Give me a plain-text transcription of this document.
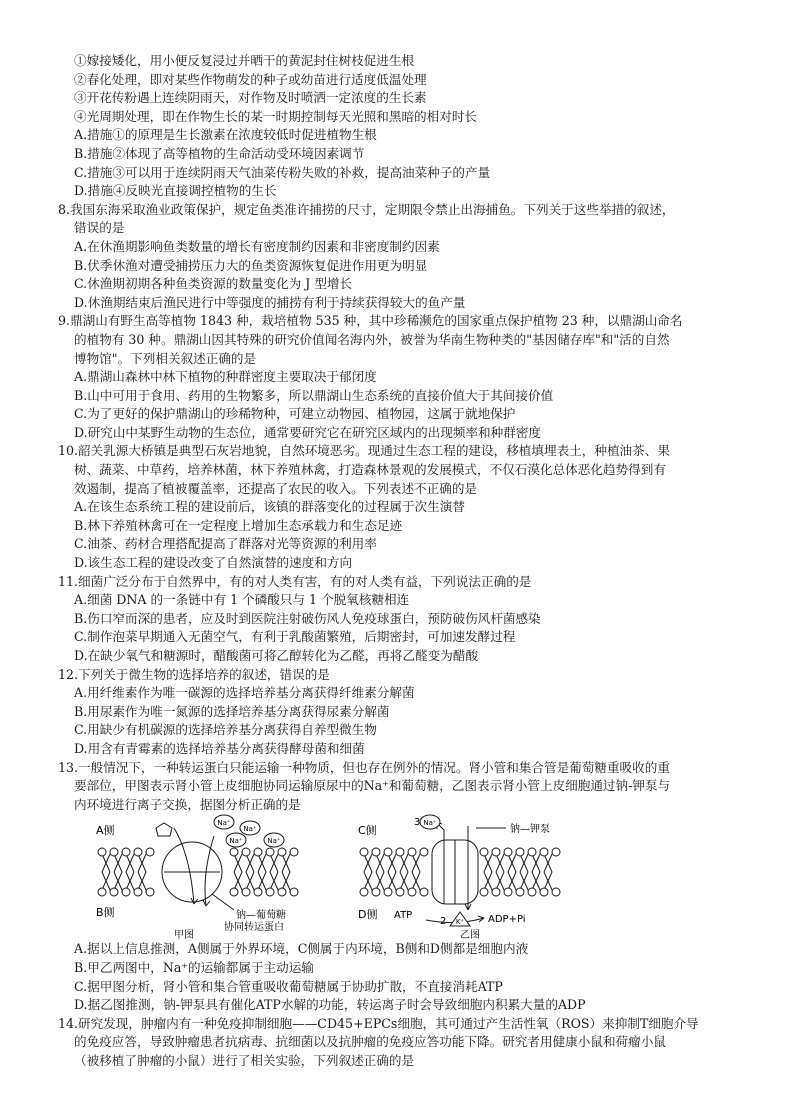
①嫁接矮化，用小便反复浸过并晒干的黄泥封住树枝促进生根
②春化处理，即对某些作物萌发的种子或幼苗进行适度低温处理
③开花传粉遇上连续阴雨天，对作物及时喷洒一定浓度的生长素
④光周期处理，即在作物生长的某一时期控制每天光照和黑暗的相对时长
A.措施①的原理是生长激素在浓度较低时促进植物生根
B.措施②体现了高等植物的生命活动受环境因素调节
C.措施③可以用于连续阴雨天气油菜传粉失败的补救，提高油菜种子的产量
D.措施④反映光直接调控植物的生长
8.我国东海采取渔业政策保护，规定鱼类准许捕捞的尺寸，定期限令禁止出海捕鱼。下列关于这些举措的叙述，
错误的是
A.在休渔期影响鱼类数量的增长有密度制约因素和非密度制约因素
B.伏季休渔对遭受捕捞压力大的鱼类资源恢复促进作用更为明显
C.休渔期初期各种鱼类资源的数量变化为 J 型增长
D.休渔期结束后渔民进行中等强度的捕捞有利于持续获得较大的鱼产量
9.鼎湖山有野生高等植物 1843 种，栽培植物 535 种，其中珍稀濒危的国家重点保护植物 23 种，以鼎湖山命名
的植物有 30 种。鼎湖山因其特殊的研究价值闻名海内外，被誉为华南生物种类的"基因储存库"和"活的自然
博物馆"。下列相关叙述正确的是
A.鼎湖山森林中林下植物的种群密度主要取决于郁闭度
B.山中可用于食用、药用的生物繁多，所以鼎湖山生态系统的直接价值大于其间接价值
C.为了更好的保护鼎湖山的珍稀物种，可建立动物园、植物园，这属于就地保护
D.研究山中某野生动物的生态位，通常要研究它在研究区域内的出现频率和种群密度
10.韶关乳源大桥镇是典型石灰岩地貌，自然环境恶劣。现通过生态工程的建设，移植填埋表土，种植油茶、果
树、蔬菜、中草药，培养林菌，林下养殖林禽，打造森林景观的发展模式，不仅石漠化总体恶化趋势得到有
效遏制，提高了植被覆盖率，还提高了农民的收入。下列表述不正确的是
A.在该生态系统工程的建设前后，该镇的群落变化的过程属于次生演替
B.林下养殖林禽可在一定程度上增加生态承载力和生态足迹
C.油茶、药材合理搭配提高了群落对光等资源的利用率
D.该生态工程的建设改变了自然演替的速度和方向
11.细菌广泛分布于自然界中，有的对人类有害，有的对人类有益，下列说法正确的是
A.细菌 DNA 的一条链中有 1 个磷酸只与 1 个脱氧核糖相连
B.伤口窄而深的患者，应及时到医院注射破伤风人免疫球蛋白，预防破伤风杆菌感染
C.制作泡菜早期通入无菌空气，有利于乳酸菌繁殖，后期密封，可加速发酵过程
D.在缺少氧气和糖源时，醋酸菌可将乙醇转化为乙醛，再将乙醛变为醋酸
12.下列关于微生物的选择培养的叙述，错误的是
A.用纤维素作为唯一碳源的选择培养基分离获得纤维素分解菌
B.用尿素作为唯一氮源的选择培养基分离获得尿素分解菌
C.用缺少有机碳源的选择培养基分离获得自养型微生物
D.用含有青霉素的选择培养基分离获得酵母菌和细菌
13.一般情况下，一种转运蛋白只能运输一种物质，但也存在例外的情况。肾小管和集合管是葡萄糖重吸收的重
要部位，甲图表示肾小管上皮细胞协同运输原尿中的Na⁺和葡萄糖，乙图表示肾小管上皮细胞通过钠-钾泵与
内环境进行离子交换，据图分析正确的是
Na⁺
Na⁺
Na⁺	Na⁺
A侧
B侧	钠—葡萄糖
协同转运蛋白
甲图
Na⁺
3
K⁺
2
C侧
D侧
钠—钾泵
ATP	ADP+Pi
乙图
A.据以上信息推测，A侧属于外界环境，C侧属于内环境，B侧和D侧都是细胞内液
B.甲乙两图中，Na⁺的运输都属于主动运输
C.据甲图分析，肾小管和集合管重吸收葡萄糖属于协助扩散，不直接消耗ATP
D.据乙图推测，钠-钾泵具有催化ATP水解的功能，转运离子时会导致细胞内积累大量的ADP
14.研究发现，肿瘤内有一种免疫抑制细胞——CD45+EPCs细胞，其可通过产生活性氧（ROS）来抑制T细胞介导
的免疫应答，导致肿瘤患者抗病毒、抗细菌以及抗肿瘤的免疫应答功能下降。研究者用健康小鼠和荷瘤小鼠
（被移植了肿瘤的小鼠）进行了相关实验，下列叙述正确的是
